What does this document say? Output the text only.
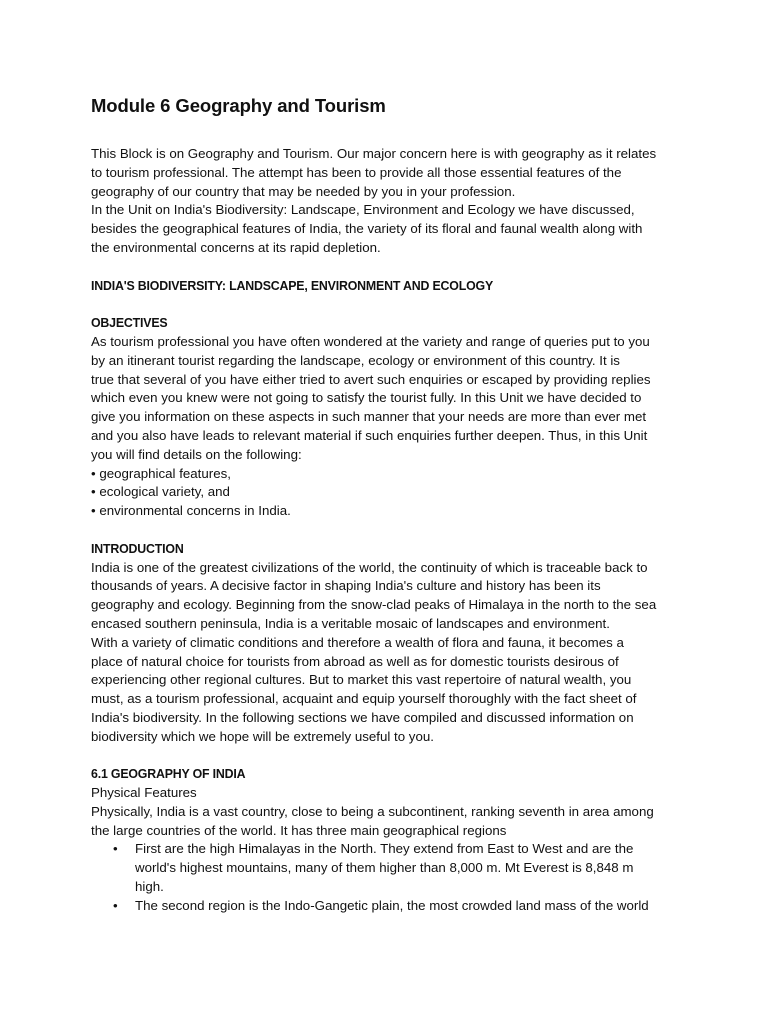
Module 6 Geography and Tourism

This Block is on Geography and Tourism. Our major concern here is with geography as it relates
to tourism professional. The attempt has been to provide all those essential features of the
geography of our country that may be needed by you in your profession.
In the Unit on India's Biodiversity: Landscape, Environment and Ecology we have discussed,
besides the geographical features of India, the variety of its floral and faunal wealth along with
the environmental concerns at its rapid depletion.

INDIA'S BIODIVERSITY: LANDSCAPE, ENVIRONMENT AND ECOLOGY
OBJECTIVES

As tourism professional you have often wondered at the variety and range of queries put to you
by an itinerant tourist regarding the landscape, ecology or environment of this country. It is
true that several of you have either tried to avert such enquiries or escaped by providing replies
which even you knew were not going to satisfy the tourist fully. In this Unit we have decided to
give you information on these aspects in such manner that your needs are more than ever met
and you also have leads to relevant material if such enquiries further deepen. Thus, in this Unit
you will find details on the following:

• geographical features,
• ecological variety, and
• environmental concerns in India.
INTRODUCTION

India is one of the greatest civilizations of the world, the continuity of which is traceable back to
thousands of years. A decisive factor in shaping India's culture and history has been its
geography and ecology. Beginning from the snow-clad peaks of Himalaya in the north to the sea
encased southern peninsula, India is a veritable mosaic of landscapes and environment.
With a variety of climatic conditions and therefore a wealth of flora and fauna, it becomes a
place of natural choice for tourists from abroad as well as for domestic tourists desirous of
experiencing other regional cultures. But to market this vast repertoire of natural wealth, you
must, as a tourism professional, acquaint and equip yourself thoroughly with the fact sheet of
India's biodiversity. In the following sections we have compiled and discussed information on
biodiversity which we hope will be extremely useful to you.

6.1 GEOGRAPHY OF INDIA

Physical Features

Physically, India is a vast country, close to being a subcontinent, ranking seventh in area among
the large countries of the world. It has three main geographical regions

• First are the high Himalayas in the North. They extend from East to West and are the
world's highest mountains, many of them higher than 8,000 m. Mt Everest is 8,848 m
high.
• The second region is the Indo-Gangetic plain, the most crowded land mass of the world
